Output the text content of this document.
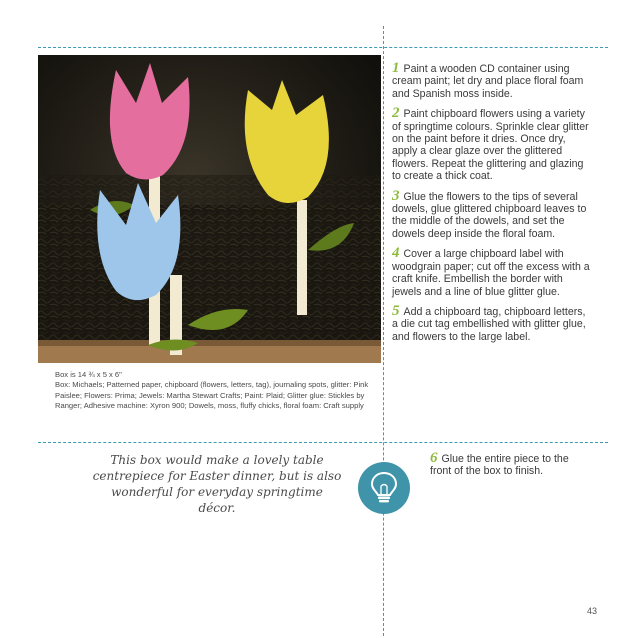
Box is 14 ¾ x 5 x 6"

Box: Michaels; Patterned paper, chipboard (flowers, letters, tag), journaling spots, glitter: Pink Paislee; Flowers: Prima; Jewels: Martha Stewart Crafts; Paint: Plaid; Glitter glue: Stickles by Ranger; Adhesive machine: Xyron 900; Dowels, moss, fluffy chicks, floral foam: Craft supply

1 Paint a wooden CD container using cream paint; let dry and place floral foam and Spanish moss inside.

2 Paint chipboard flowers using a variety of springtime colours. Sprinkle clear glitter on the paint before it dries. Once dry, apply a clear glaze over the glittered flowers. Repeat the glittering and glazing to create a thick coat.

3 Glue the flowers to the tips of several dowels, glue glittered chipboard leaves to the middle of the dowels, and set the dowels deep inside the floral foam.

4 Cover a large chipboard label with woodgrain paper; cut off the excess with a craft knife. Embellish the border with jewels and a line of blue glitter glue.

5 Add a chipboard tag, chipboard letters, a die cut tag embellished with glitter glue, and flowers to the large label.

6 Glue the entire piece to the front of the box to finish.

This box would make a lovely table centrepiece for Easter dinner, but is also wonderful for everyday springtime décor.
43
